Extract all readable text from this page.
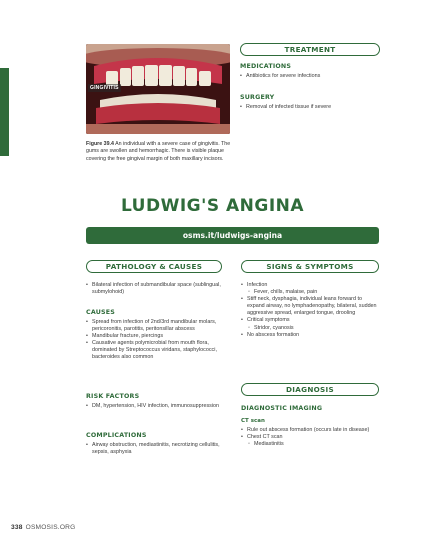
GINGIVITIS
Figure 39.4 An individual with a severe case of gingivitis. The gums are swollen and hemorrhagic. There is visible plaque covering the free gingival margin of both maxillary incisors.
TREATMENT
MEDICATIONS
• Antibiotics for severe infections
SURGERY
• Removal of infected tissue if severe
LUDWIG'S ANGINA
osms.it/ludwigs-angina
PATHOLOGY & CAUSES
• Bilateral infection of submandibular space (sublingual, submylohoid)
CAUSES
• Spread from infection of 2nd/3rd mandibular molars, pericoronitis, parotitis, peritonsillar abscess
• Mandibular fracture, piercings
• Causative agents polymicrobial from mouth flora, dominated by Streptococcus viridans, staphylococci, bacteroides also common
RISK FACTORS
• DM, hypertension, HIV infection, immunosuppression
COMPLICATIONS
• Airway obstruction, mediastinitis, necrotizing cellulitis, sepsis, asphyxia
SIGNS & SYMPTOMS
• Infection
◦ Fever, chills, malaise, pain
• Stiff neck, dysphagia, individual leans forward to expand airway, no lymphadenopathy, bilateral, sudden aggressive spread, enlarged tongue, drooling
• Critical symptoms
◦ Stridor, cyanosis
• No abscess formation
DIAGNOSIS
DIAGNOSTIC IMAGING
CT scan
• Rule out abscess formation (occurs late in disease)
• Chest CT scan
◦ Mediastinitis
338 OSMOSIS.ORG
